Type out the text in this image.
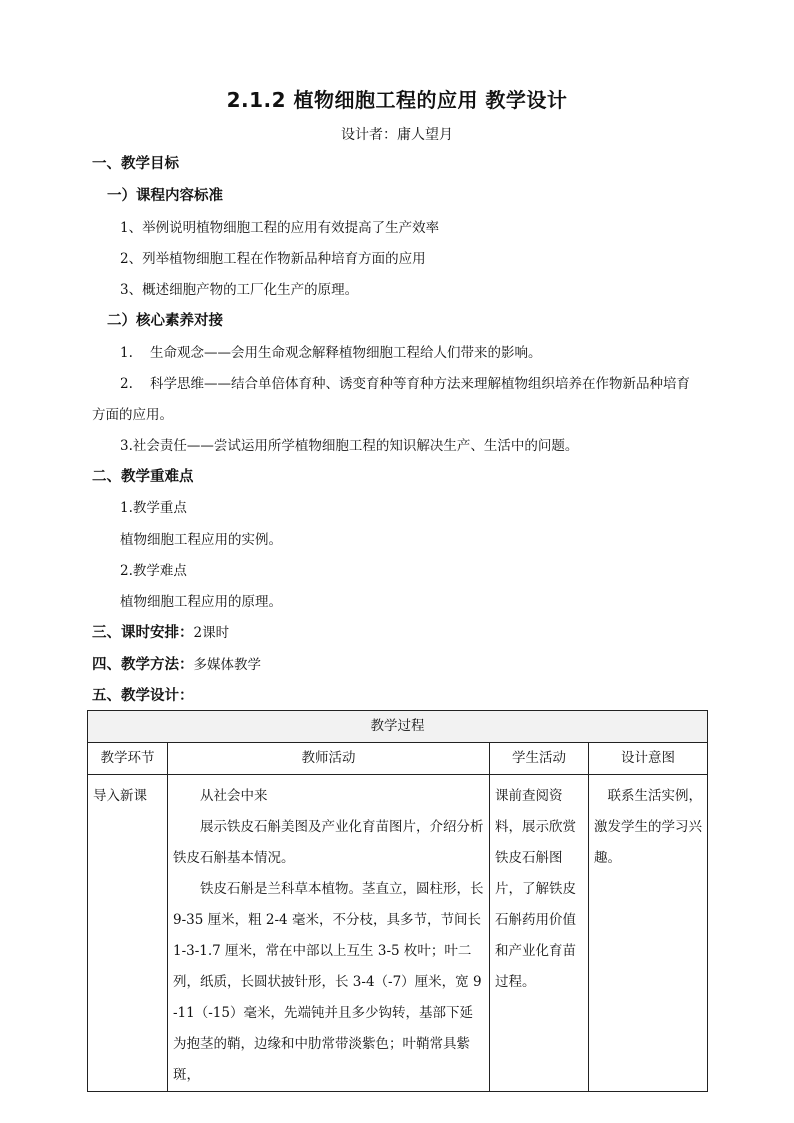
2.1.2 植物细胞工程的应用 教学设计
设计者：庸人望月
一、教学目标
一）课程内容标准
1、举例说明植物细胞工程的应用有效提高了生产效率
2、列举植物细胞工程在作物新品种培育方面的应用
3、概述细胞产物的工厂化生产的原理。
二）核心素养对接
1.    生命观念——会用生命观念解释植物细胞工程给人们带来的影响。
2.    科学思维——结合单倍体育种、诱变育种等育种方法来理解植物组织培养在作物新品种培育
方面的应用。
3.社会责任——尝试运用所学植物细胞工程的知识解决生产、生活中的问题。
二、教学重难点
1.教学重点
植物细胞工程应用的实例。
2.教学难点
植物细胞工程应用的原理。
三、课时安排：2课时
四、教学方法：多媒体教学
五、教学设计：
教学过程			
教学环节	教师活动	学生活动	设计意图

导入新课	从社会中来

展示铁皮石斛美图及产业化育苗图片，介绍分析铁皮石斛基本情况。

铁皮石斛是兰科草本植物。茎直立，圆柱形，长 9-35 厘米，粗 2-4 毫米，不分枝，具多节，节间长 1-3-1.7 厘米，常在中部以上互生 3-5 枚叶；叶二列，纸质，长圆状披针形，长 3-4（-7）厘米，宽 9-11（-15）毫米，先端钝并且多少钩转，基部下延为抱茎的鞘，边缘和中肋常带淡紫色；叶鞘常具紫斑，	课前查阅资料，展示欣赏铁皮石斛图片，了解铁皮石斛药用价值和产业化育苗过程。	联系生活实例，激发学生的学习兴趣。
